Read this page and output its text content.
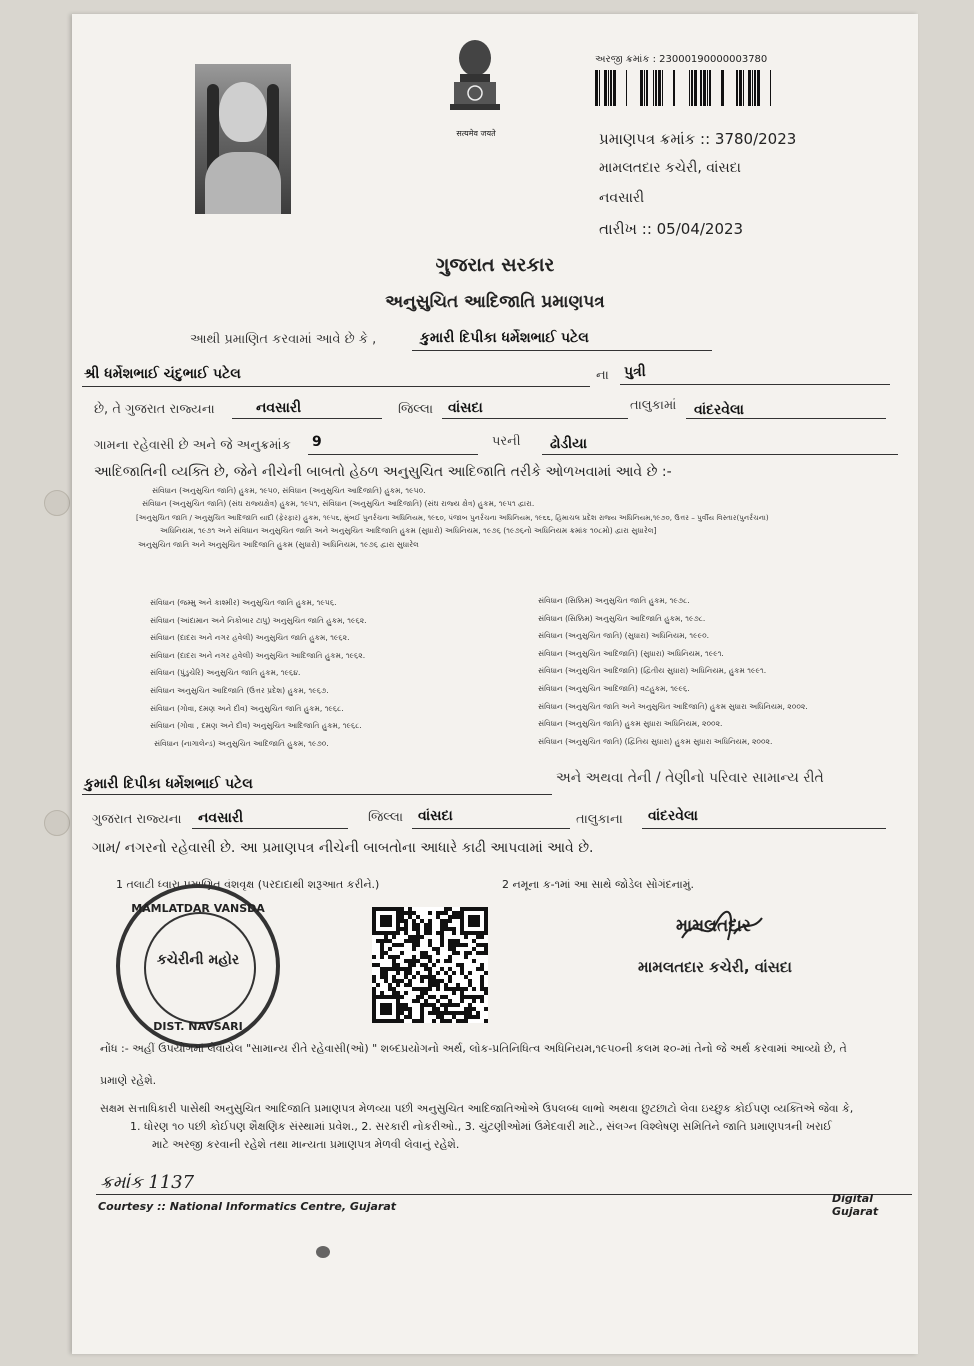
सत्यमेव जयते
અરજી ક્રમાંક : 23000190000003780
પ્રમાણપત્ર ક્રમાંક :: 3780/2023
મામલતદાર કચેરી, વાંસદા
નવસારી
તારીખ :: 05/04/2023
ગુજરાત સરકાર
અનુસુચિત આદિજાતિ પ્રમાણપત્ર
આથી પ્રમાણિત કરવામાં આવે છે કે ,	કુમારી દિપીકા ધર્મેશભાઈ પટેલ
શ્રી ધર્મેશભાઈ ચંદુભાઈ પટેલ	ના પુત્રી
છે, તે ગુજરાત રાજ્યના	નવસારી	જિલ્લા વાંસદા	તાલુકામાં વાંદરવેલા
ગામના રહેવાસી છે અને જે અનુક્રમાંક 9	પરની ઢોડીયા
આદિજાતિની વ્યક્તિ છે, જેને નીચેની બાબતો હેઠળ અનુસુચિત આદિજાતિ તરીકે ઓળખવામાં આવે છે :-
સંવિધાન (અનુસુચિત જાતિ) હુકમ, ૧૯૫૦, સંવિધાન (અનુસુચિત આદિજાતિ) હુકમ, ૧૯૫૦.
સંવિધાન (અનુસુચિત જાતિ) (સંઘ રાજ્યક્ષેત્ર) હુકમ, ૧૯૫૧, સંવિધાન (અનુસુચિત આદિજાતિ) (સંઘ રાજ્ય ક્ષેત્ર) હુકમ, ૧૯૫૧ દ્વારા.
[અનુસુચિત જાતિ / અનુસુચિત આદિજાતિ યાદી (ફેરફાર) હુકમ, ૧૯૫૬, મુંબઈ પુનર્રચના અધિનિયમ, ૧૯૬૦, પંજાબ પુનર્રચના અધિનિયમ, ૧૯૬૬, હિમાચલ પ્રદેશ રાજ્ય અધિનિયમ,૧૯૭૦, ઉત્તર – પુર્વીય વિસ્તાર(પુનર્રચના)
અધિનિયમ, ૧૯૭૧ અને સંવિધાન અનુસુચિત જાતિ અને અનુસુચિત આદિજાતિ હુકમ (સુધારો) અધિનિયમ, ૧૯૭૬ (૧૯૭૬નો અધિનિયમ ક્રમાંક ૧૦૮મો) દ્વારા સુધારેલ]
અનુસુચિત જાતિ અને અનુસુચિત આદિજાતિ હુકમ (સુધારો) અધિનિયમ, ૧૯૭૬ દ્વારા સુધારેલ
સંવિધાન (જમ્મુ અને કાશ્મીર) અનુસુચિત જાતિ હુકમ, ૧૯૫૬.
સંવિધાન (આંદામાન અને નિકોબાર ટાપુ) અનુસુચિત જાતિ હુકમ, ૧૯૬૨.
સંવિધાન (દાદરા અને નગર હવેલી) અનુસુચિત જાતિ હુકમ, ૧૯૬૨.
સંવિધાન (દાદરા અને નગર હવેલી) અનુસુચિત આદિજાતિ હુકમ, ૧૯૬૨.
સંવિધાન (પુંડુચેરિ) અનુસુચિત જાતિ હુકમ, ૧૯૬૪.
સંવિધાન અનુસુચિત આદિજાતિ (ઉત્તર પ્રદેશ) હુકમ, ૧૯૬૭.
સંવિધાન (ગોવા, દમણ અને દીવ) અનુસુચિત જાતિ હુકમ, ૧૯૬૮.
સંવિધાન (ગોવા , દમણ અને દીવ) અનુસુચિત આદિજાતિ હુકમ, ૧૯૬૮.
સંવિધાન (નાગાલેન્ડ) અનુસુચિત આદિજાતિ હુકમ, ૧૯૭૦.
સંવિધાન (સિક્કિમ) અનુસુચિત જાતિ હુકમ, ૧૯૭૮.
સંવિધાન (સિક્કિમ) અનુસુચિત આદિજાતિ હુકમ, ૧૯૭૮.
સંવિધાન (અનુસુચિત જાતિ) (સુધારા) અધિનિયમ, ૧૯૯૦.
સંવિધાન (અનુસુચિત આદિજાતિ) (સુધારા) અધિનિયમ, ૧૯૯૧.
સંવિધાન (અનુસુચિત આદિજાતિ) (દ્વિતીય સુધારા) અધિનિયમ, હુકમ ૧૯૯૧.
સંવિધાન (અનુસુચિત આદિજાતિ) વટહુકમ, ૧૯૯૬.
સંવિધાન (અનુસુચિત જાતિ અને અનુસુચિત આદિજાતિ) હુકમ સુધારા અધિનિયમ, ૨૦૦૨.
સંવિધાન (અનુસુચિત જાતિ) હુકમ સુધારા અધિનિયમ, ૨૦૦૨.
સંવિધાન (અનુસુચિત જાતિ) (દ્વિતિય સુધારા) હુકમ સુધારા અધિનિયમ, ૨૦૦૨.
કુમારી દિપીકા ધર્મેશભાઈ પટેલ	અને અથવા તેની / તેણીનો પરિવાર સામાન્ય રીતે
ગુજરાત રાજ્યના નવસારી	જિલ્લા વાંસદા	તાલુકાના વાંદરવેલા
ગામ/ નગરનો રહેવાસી છે. આ પ્રમાણપત્ર નીચેની બાબતોના આધારે કાઢી આપવામાં આવે છે.
1 તલાટી ધ્વારા પ્રમાણિત વંશવૃક્ષ (પરદાદાથી શરૂઆત કરીને.)	2 નમૂના ક-૧માં આ સાથે જોડેલ સોગંદનામું.
MAMLATDAR VANSDA
કચેરીની મહોર
DIST. NAVSARI
મામલતદાર
મામલતદાર કચેરી, વાંસદા
નોંધ :- અહીં ઉપયોગમાં લેવાયેલ "સામાન્ય રીતે રહેવાસી(ઓ) " શબ્દપ્રયોગનો અર્થ, લોક-પ્રતિનિધિત્વ અધિનિયમ,૧૯૫૦ની કલમ ૨૦-માં તેનો જે અર્થ કરવામાં આવ્યો છે, તે
પ્રમાણે રહેશે.
સક્ષમ સત્તાધિકારી પાસેથી અનુસુચિત આદિજાતિ પ્રમાણપત્ર મેળવ્યા પછી અનુસુચિત આદિજાતિઓએ ઉપલબ્ધ લાભો અથવા છુટછાટો લેવા ઇચ્છુક કોઈપણ વ્યક્તિએ જેવા કે,
1. ધોરણ ૧૦ પછી કોઈપણ શૈક્ષણિક સંસ્થામાં પ્રવેશ., 2. સરકારી નોકરીઓ., 3. ચુંટણીઓમાં ઉમેદવારી માટે., સંલગ્ન વિશ્લેષણ સમિતિને જાતિ પ્રમાણપત્રની ખરાઈ
માટે અરજી કરવાની રહેશે તથા માન્યતા પ્રમાણપત્ર મેળવી લેવાનું રહેશે.
ક્રમાંક 1137
Courtesy :: National Informatics Centre, Gujarat
Digital Gujarat
